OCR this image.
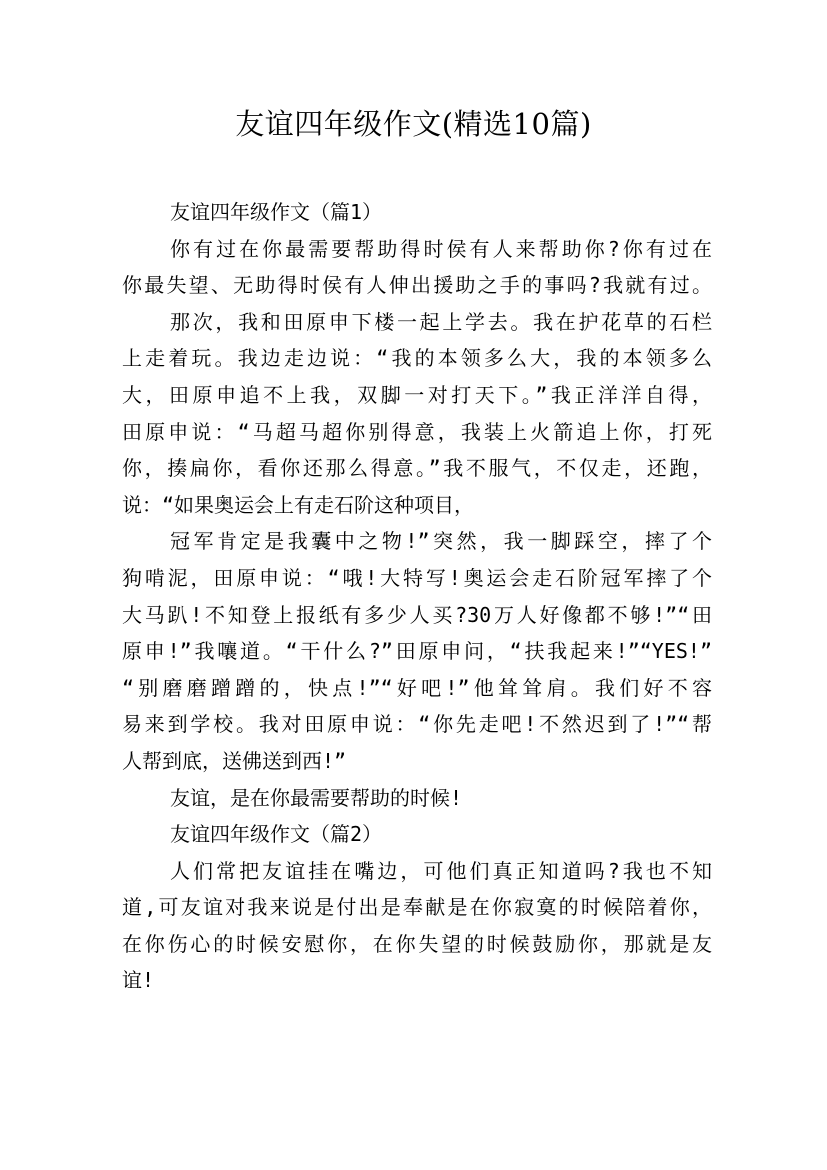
友谊四年级作文(精选10篇)
友谊四年级作文（篇1）
你有过在你最需要帮助得时侯有人来帮助你?你有过在
你最失望、无助得时侯有人伸出援助之手的事吗?我就有过。
那次，我和田原申下楼一起上学去。我在护花草的石栏
上走着玩。我边走边说：“我的本领多么大，我的本领多么
大，田原申追不上我，双脚一对打天下。”我正洋洋自得，
田原申说：“马超马超你别得意，我装上火箭追上你，打死
你，揍扁你，看你还那么得意。”我不服气，不仅走，还跑，
说：“如果奥运会上有走石阶这种项目，
冠军肯定是我囊中之物!”突然，我一脚踩空，摔了个
狗啃泥，田原申说：“哦!大特写!奥运会走石阶冠军摔了个
大马趴!不知登上报纸有多少人买?30万人好像都不够!”“田
原申!”我嚷道。“干什么?”田原申问，“扶我起来!”“YES!”
“别磨磨蹭蹭的，快点!”“好吧!”他耸耸肩。我们好不容
易来到学校。我对田原申说：“你先走吧!不然迟到了!”“帮
人帮到底，送佛送到西!”
友谊，是在你最需要帮助的时候!
友谊四年级作文（篇2）
人们常把友谊挂在嘴边，可他们真正知道吗?我也不知
道,可友谊对我来说是付出是奉献是在你寂寞的时候陪着你，
在你伤心的时候安慰你，在你失望的时候鼓励你，那就是友
谊!
